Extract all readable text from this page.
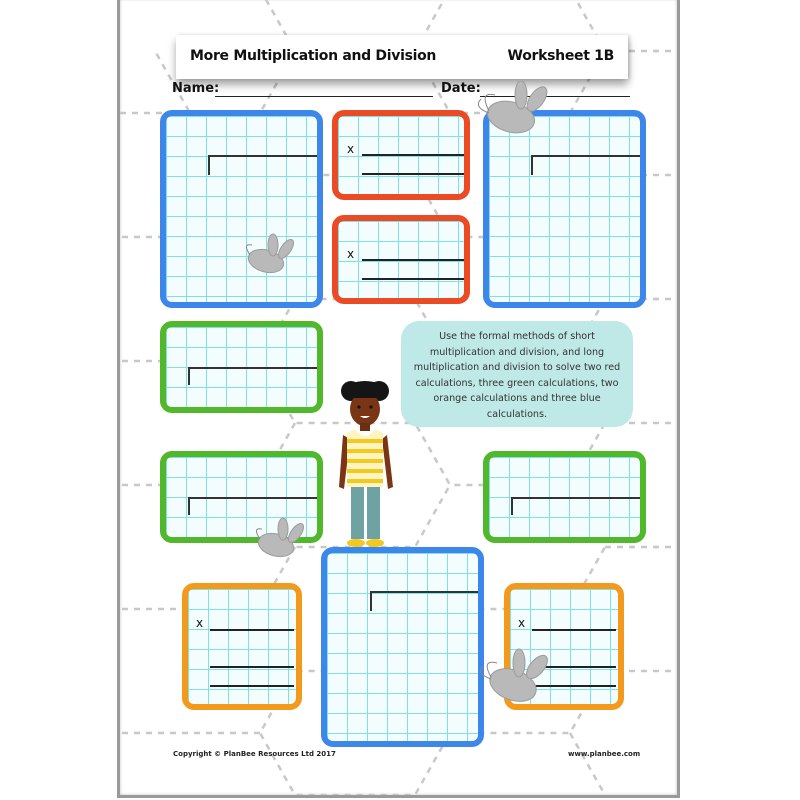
More Multiplication and Division	Worksheet 1B
Name:	Date:
x
x
x	x
Use the formal methods of short multiplication and division, and long multiplication and division to solve two red calculations, three green calculations, two orange calculations and three blue calculations.
Copyright © PlanBee Resources Ltd 2017	www.planbee.com
